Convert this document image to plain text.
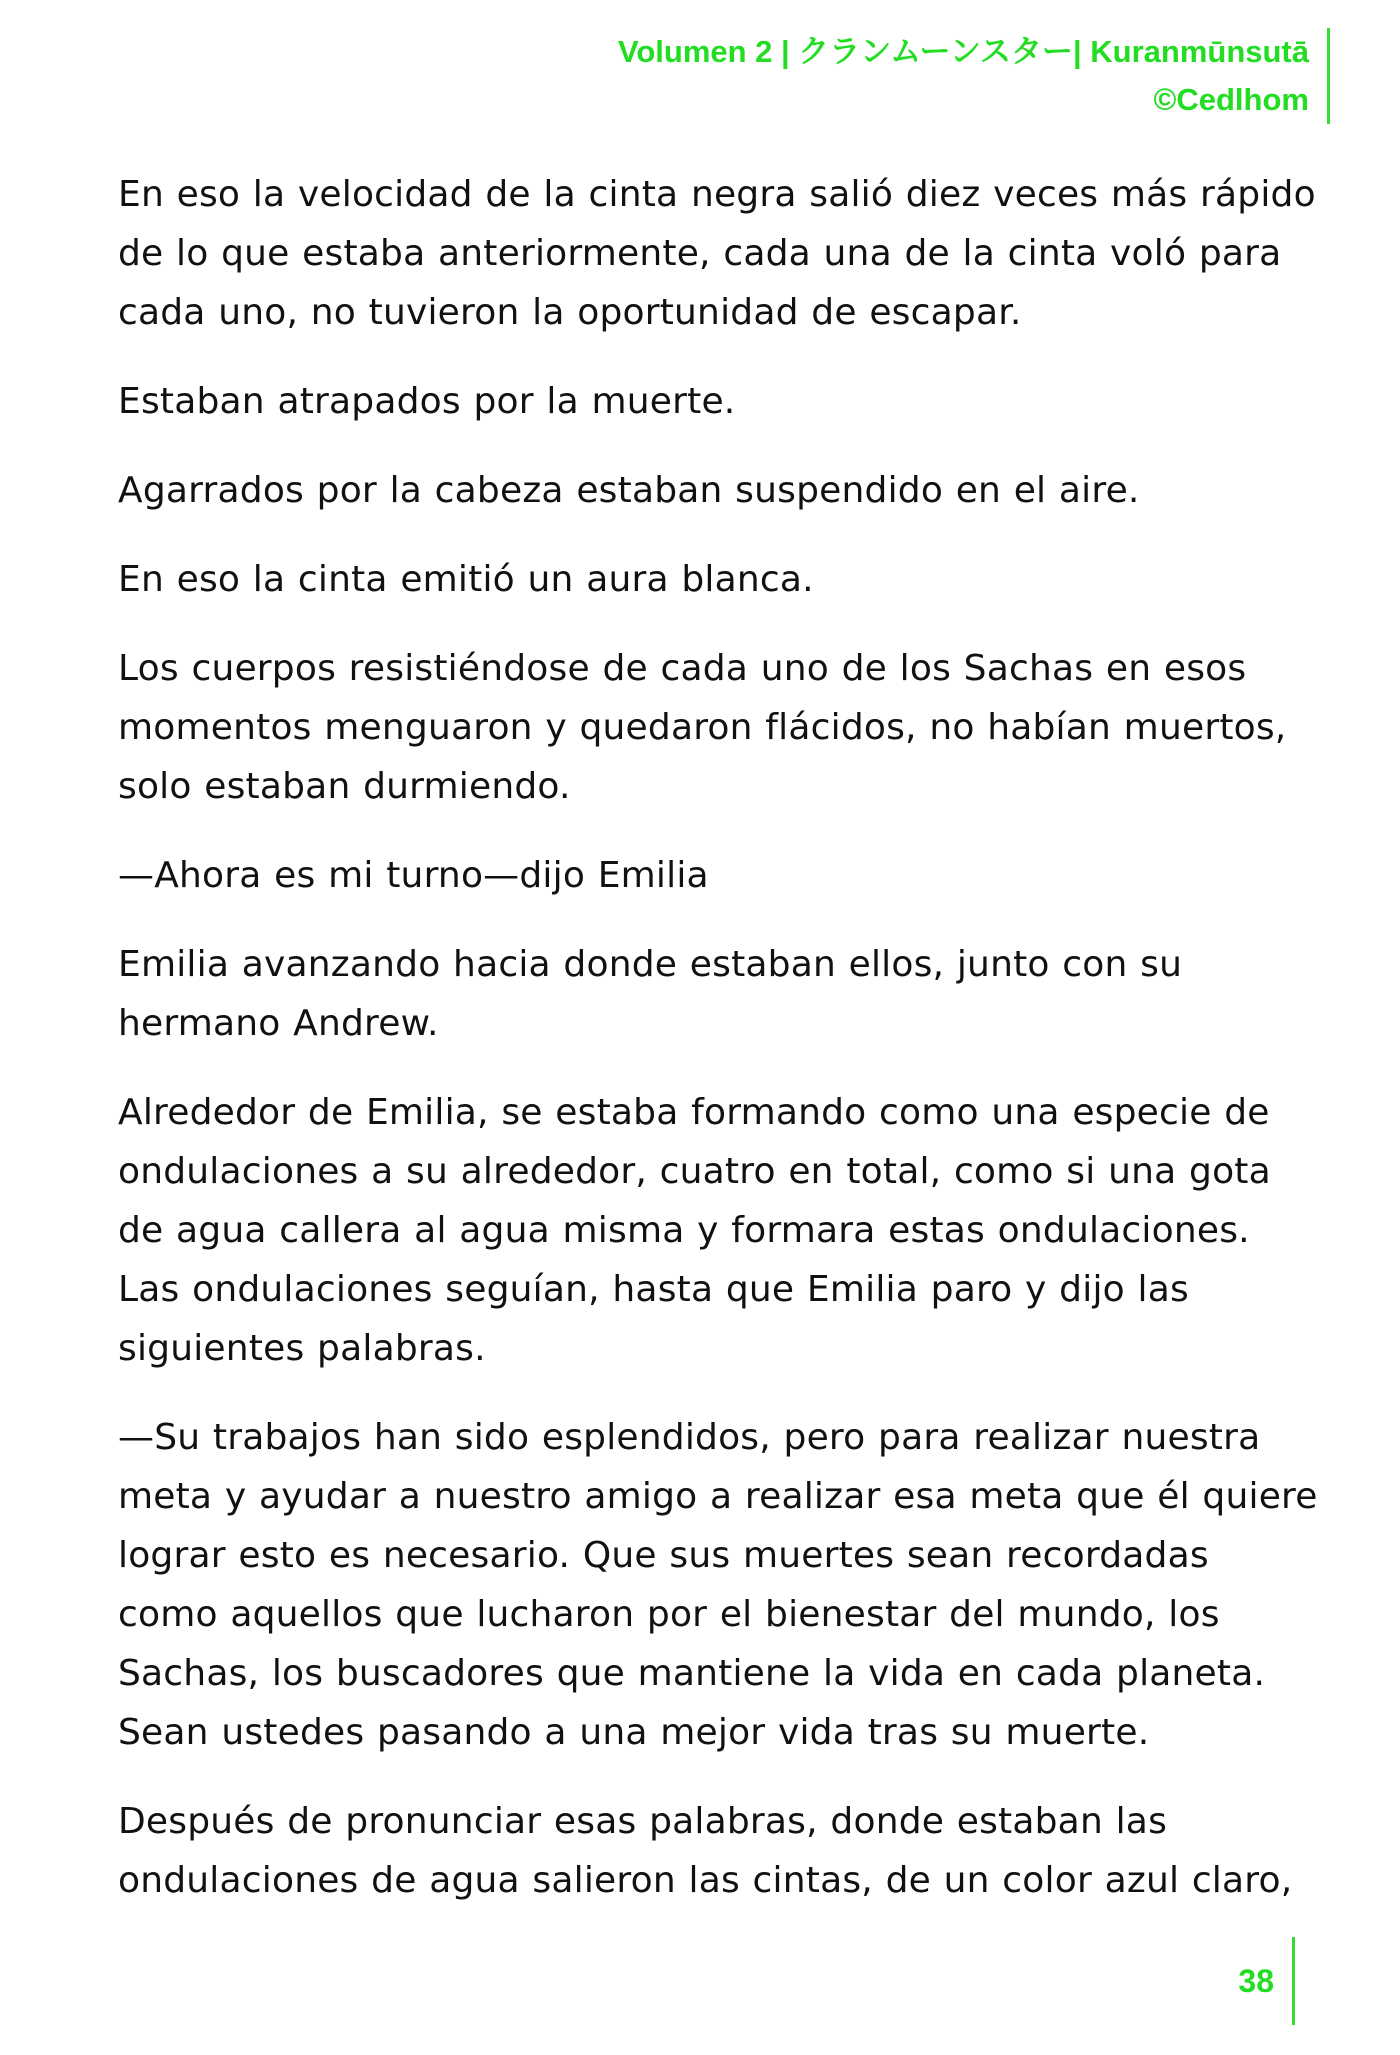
Volumen 2 | クランムーンスター| Kuranmūnsutā
©Cedlhom

En eso la velocidad de la cinta negra salió diez veces más rápido de lo que estaba anteriormente, cada una de la cinta voló para cada uno, no tuvieron la oportunidad de escapar.

Estaban atrapados por la muerte.

Agarrados por la cabeza estaban suspendido en el aire.

En eso la cinta emitió un aura blanca.

Los cuerpos resistiéndose de cada uno de los Sachas en esos momentos menguaron y quedaron flácidos, no habían muertos, solo estaban durmiendo.

—Ahora es mi turno—dijo Emilia

Emilia avanzando hacia donde estaban ellos, junto con su hermano Andrew.

Alrededor de Emilia, se estaba formando como una especie de ondulaciones a su alrededor, cuatro en total, como si una gota de agua callera al agua misma y formara estas ondulaciones. Las ondulaciones seguían, hasta que Emilia paro y dijo las siguientes palabras.

—Su trabajos han sido esplendidos, pero para realizar nuestra meta y ayudar a nuestro amigo a realizar esa meta que él quiere lograr esto es necesario. Que sus muertes sean recordadas como aquellos que lucharon por el bienestar del mundo, los Sachas, los buscadores que mantiene la vida en cada planeta. Sean ustedes pasando a una mejor vida tras su muerte.

Después de pronunciar esas palabras, donde estaban las ondulaciones de agua salieron las cintas, de un color azul claro,

38
